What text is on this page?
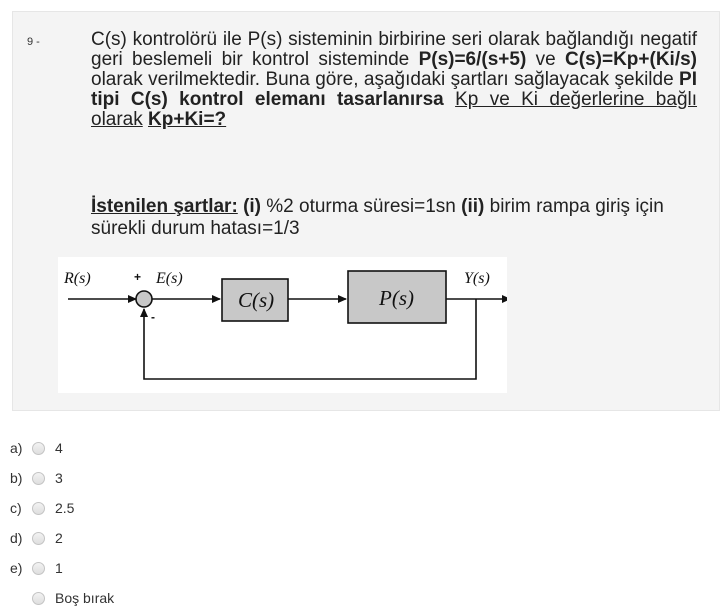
9 -	C(s) kontrolörü ile P(s) sisteminin birbirine seri olarak bağlandığı negatif geri beslemeli bir kontrol sisteminde P(s)=6/(s+5) ve C(s)=Kp+(Ki/s) olarak verilmektedir. Buna göre, aşağıdaki şartları sağlayacak şekilde PI tipi C(s) kontrol elemanı tasarlanırsa Kp ve Ki değerlerine bağlı olarak Kp+Ki=?
İstenilen şartlar: (i) %2 oturma süresi=1sn (ii) birim rampa giriş için sürekli durum hatası=1/3
R(s)	+ E(s)
-
C(s)	P(s)
Y(s)
a)	4
b)	3
c)	2.5
d)	2
e)	1
Boş bırak
